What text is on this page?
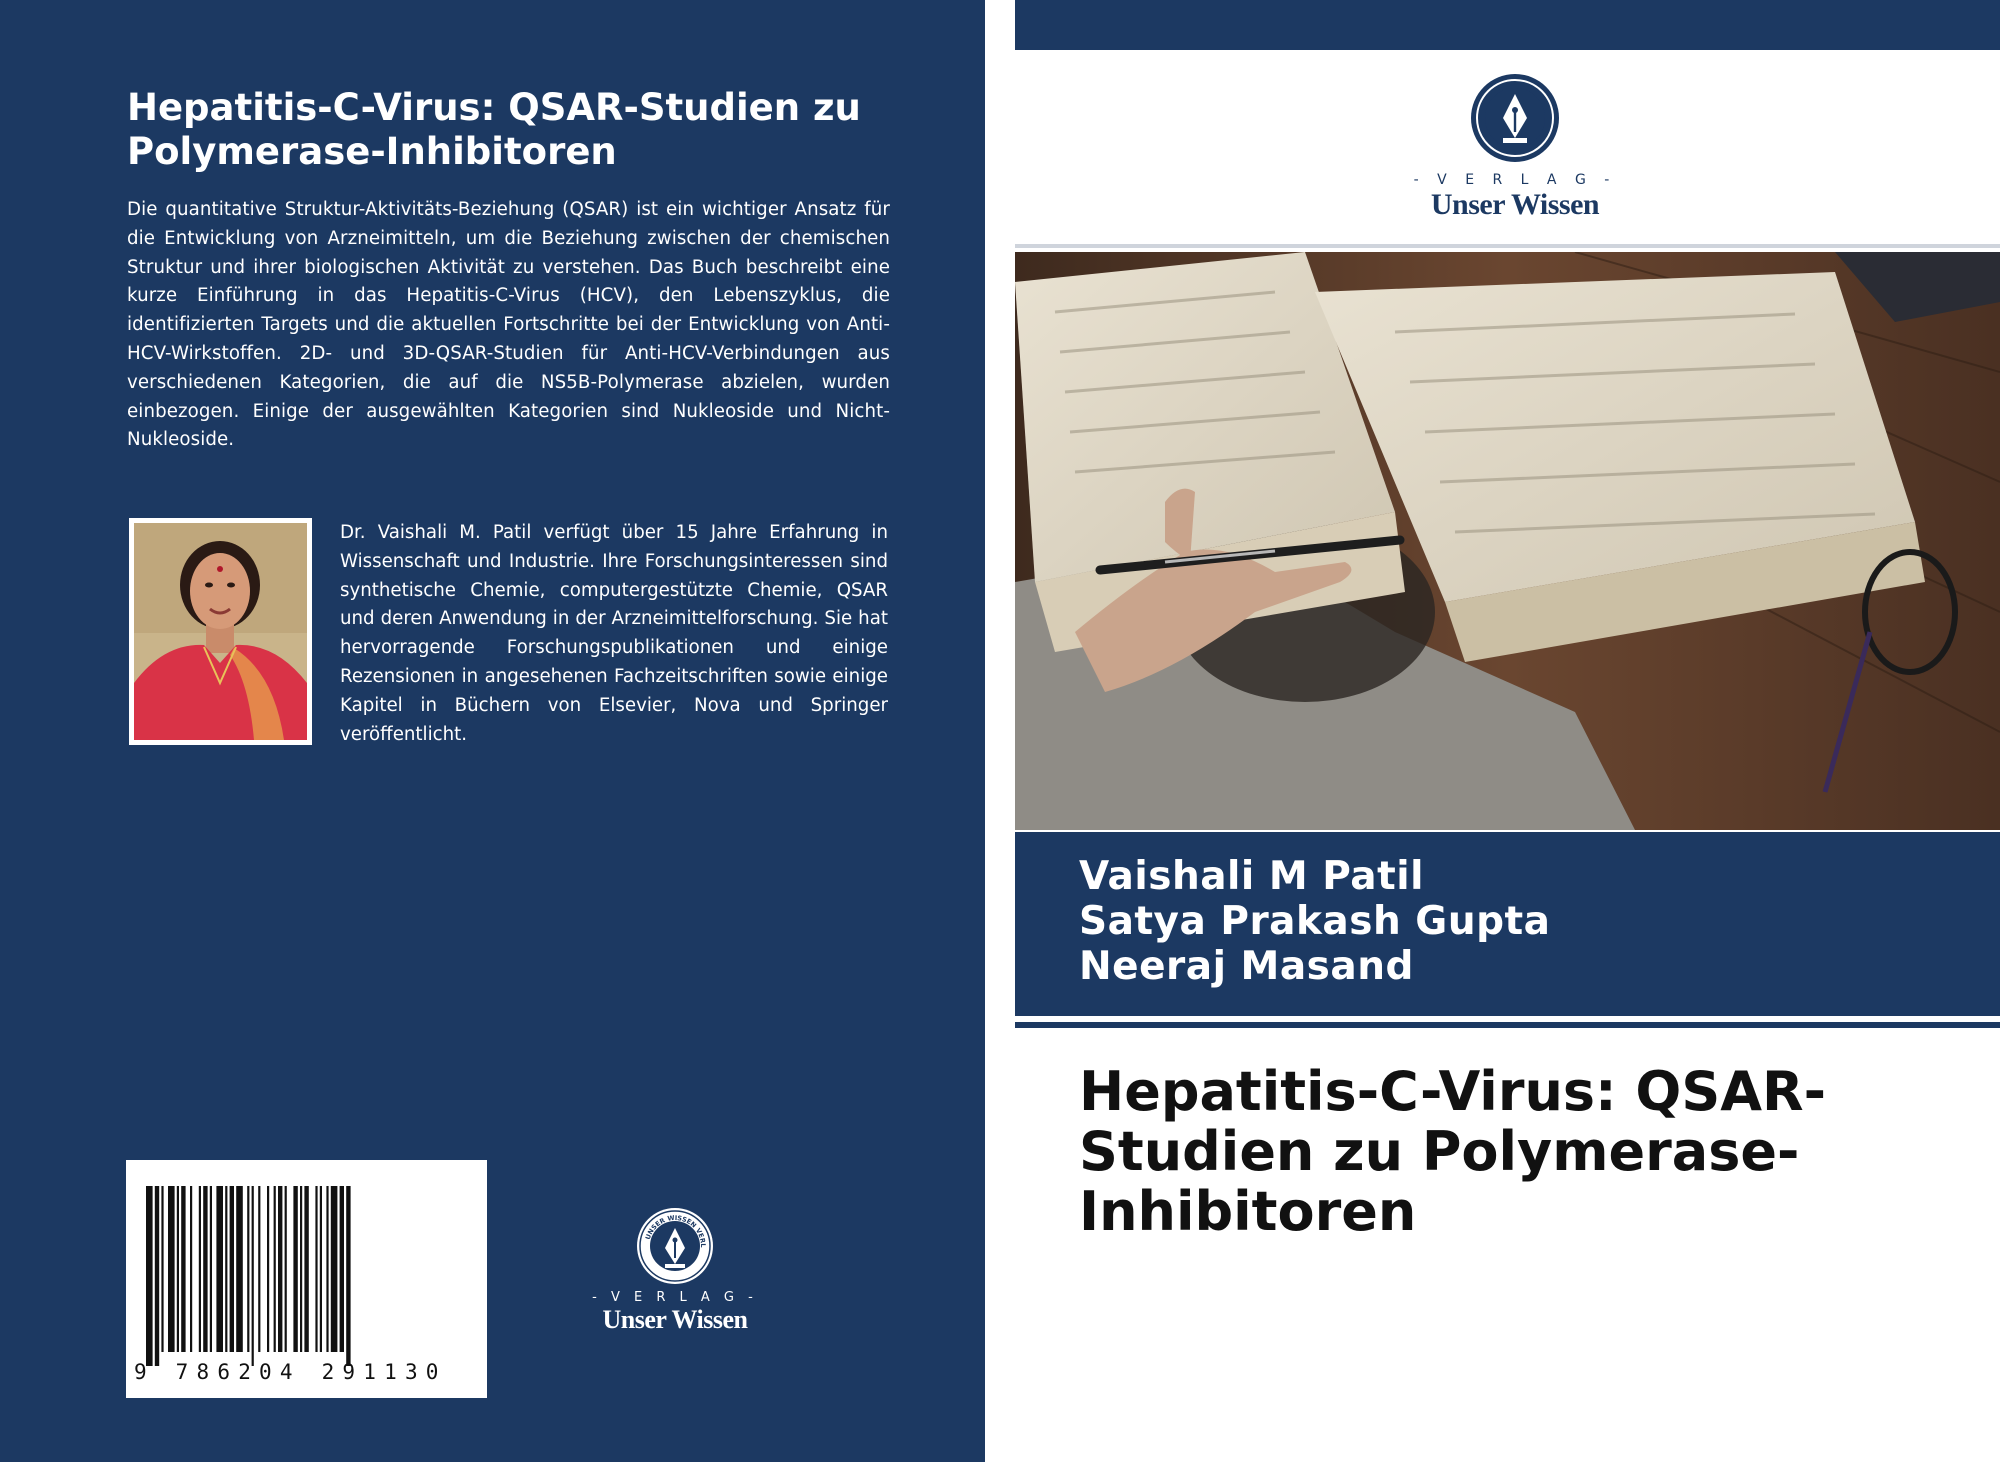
Hepatitis-C-Virus: QSAR-Studien zu Polymerase-Inhibitoren
Die quantitative Struktur-Aktivitäts-Beziehung (QSAR) ist ein wichtiger Ansatz für die Entwicklung von Arzneimitteln, um die Beziehung zwischen der chemischen Struktur und ihrer biologischen Aktivität zu verstehen. Das Buch beschreibt eine kurze Einführung in das Hepatitis-C-Virus (HCV), den Lebenszyklus, die identifizierten Targets und die aktuellen Fortschritte bei der Entwicklung von Anti-HCV-Wirkstoffen. 2D- und 3D-QSAR-Studien für Anti-HCV-Verbindungen aus verschiedenen Kategorien, die auf die NS5B-Polymerase abzielen, wurden einbezogen. Einige der ausgewählten Kategorien sind Nukleoside und Nicht-Nukleoside.
Dr. Vaishali M. Patil verfügt über 15 Jahre Erfahrung in Wissenschaft und Industrie. Ihre Forschungsinteressen sind synthetische Chemie, computergestützte Chemie, QSAR und deren Anwendung in der Arzneimittelforschung. Sie hat hervorragende Forschungspublikationen und einige Rezensionen in angesehenen Fachzeitschriften sowie einige Kapitel in Büchern von Elsevier, Nova und Springer veröffentlicht.
9 786204 291130
UNSER WISSEN VERL
- V E R L A G -
Unser Wissen
- V E R L A G -
Unser Wissen
Vaishali M Patil
Satya Prakash Gupta
Neeraj Masand
Hepatitis-C-Virus: QSAR-Studien zu Polymerase-Inhibitoren
